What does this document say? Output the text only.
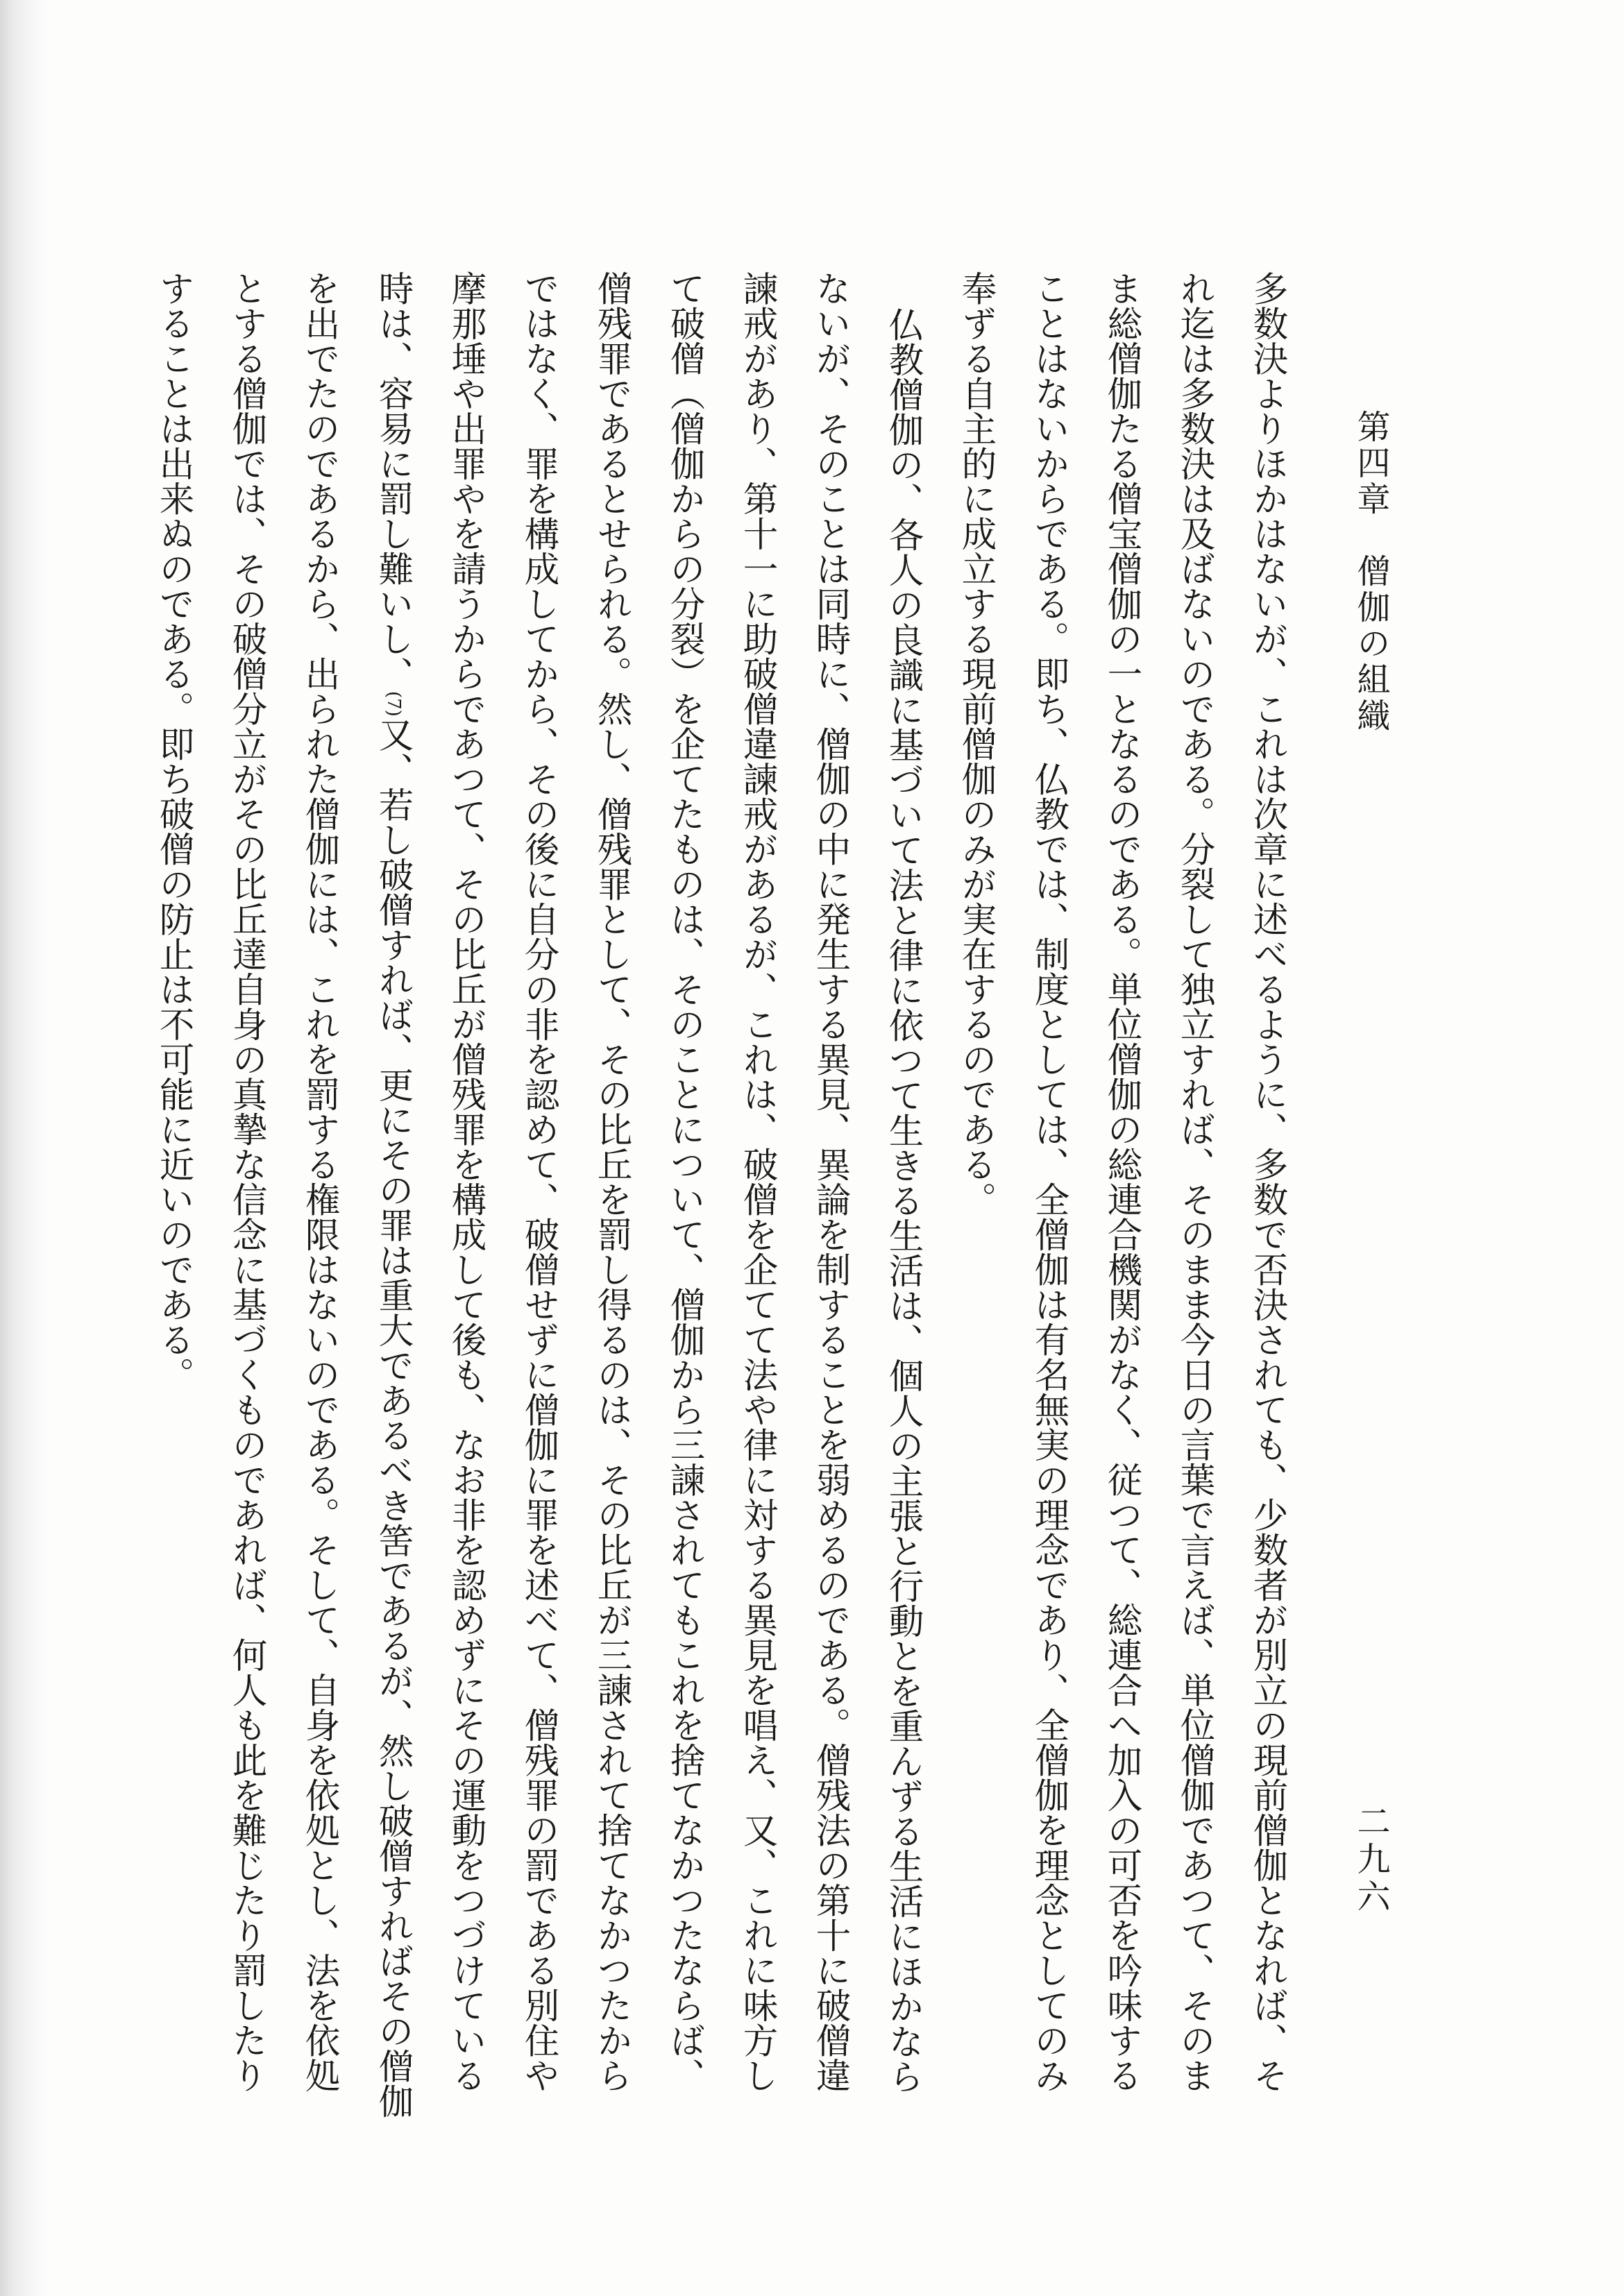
第四章　僧伽の組織
二九六
多数決よりほかはないが、これは次章に述べるように、多数で否決されても、少数者が別立の現前僧伽となれば、そ
れ迄は多数決は及ばないのである。分裂して独立すれば、そのまま今日の言葉で言えば、単位僧伽であつて、そのま
ま総僧伽たる僧宝僧伽の一となるのである。単位僧伽の総連合機関がなく、従つて、総連合へ加入の可否を吟味する
ことはないからである。即ち、仏教では、制度としては、全僧伽は有名無実の理念であり、全僧伽を理念としてのみ
奉ずる自主的に成立する現前僧伽のみが実在するのである。
仏教僧伽の、各人の良識に基づいて法と律に依つて生きる生活は、個人の主張と行動とを重んずる生活にほかなら
ないが、そのことは同時に、僧伽の中に発生する異見、異論を制することを弱めるのである。僧残法の第十に破僧違
諫戒があり、第十一に助破僧違諫戒があるが、これは、破僧を企てて法や律に対する異見を唱え、又、これに味方し
て破僧（僧伽からの分裂）を企てたものは、そのことについて、僧伽から三諫されてもこれを捨てなかつたならば、
僧残罪であるとせられる。然し、僧残罪として、その比丘を罰し得るのは、その比丘が三諫されて捨てなかつたから
ではなく、罪を構成してから、その後に自分の非を認めて、破僧せずに僧伽に罪を述べて、僧残罪の罰である別住や
摩那埵や出罪やを請うからであつて、その比丘が僧残罪を構成して後も、なお非を認めずにその運動をつづけている
時は、容易に罰し難いし、(7)又、若し破僧すれば、更にその罪は重大であるべき筈であるが、然し破僧すればその僧伽
を出でたのであるから、出られた僧伽には、これを罰する権限はないのである。そして、自身を依処とし、法を依処
とする僧伽では、その破僧分立がその比丘達自身の真摯な信念に基づくものであれば、何人も此を難じたり罰したり
することは出来ぬのである。即ち破僧の防止は不可能に近いのである。
